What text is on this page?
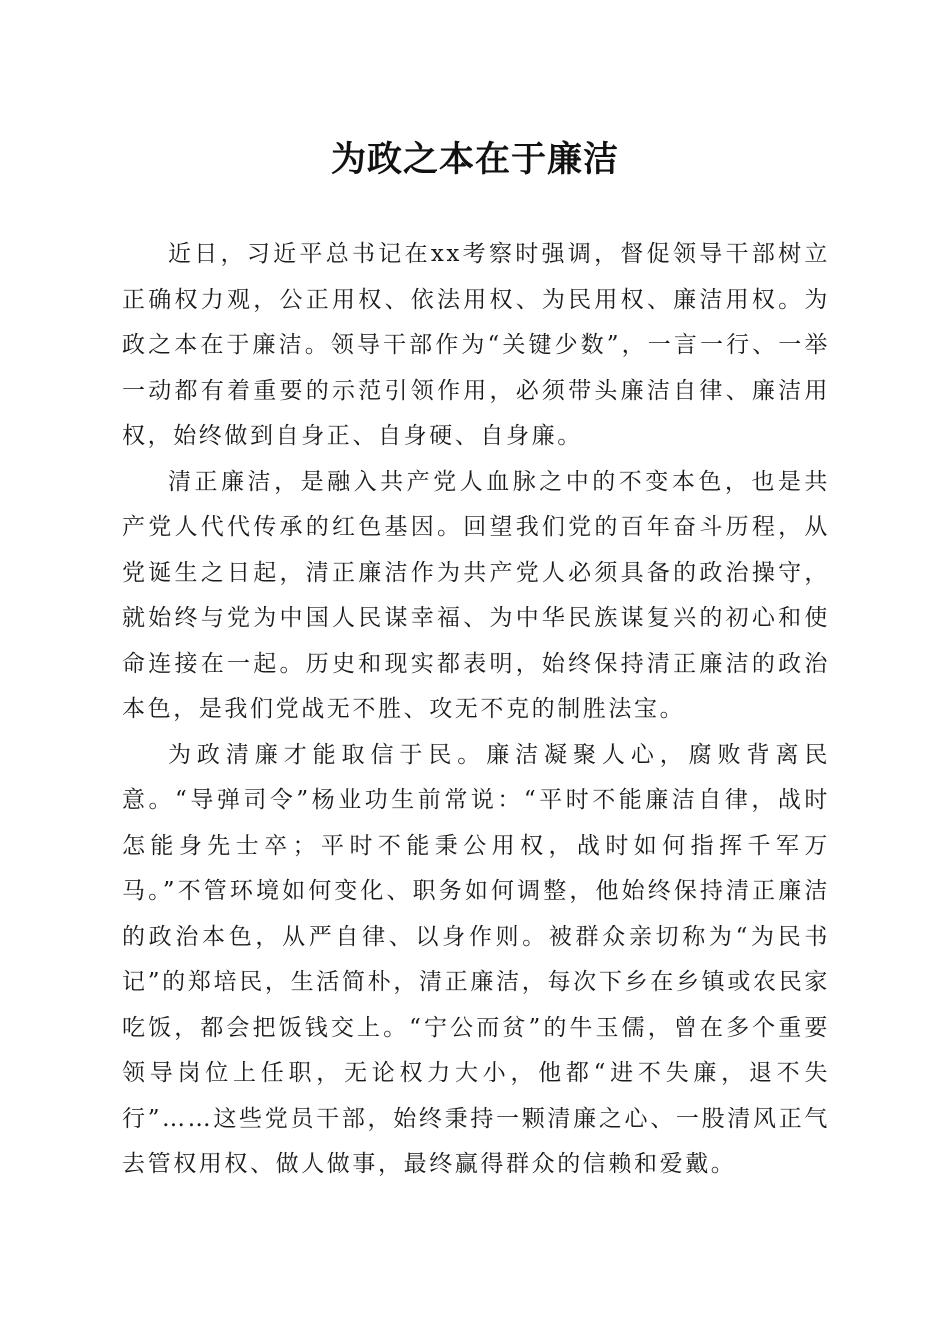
为政之本在于廉洁

近日，习近平总书记在xx考察时强调，督促领导干部树立正确权力观，公正用权、依法用权、为民用权、廉洁用权。为政之本在于廉洁。领导干部作为“关键少数”，一言一行、一举一动都有着重要的示范引领作用，必须带头廉洁自律、廉洁用权，始终做到自身正、自身硬、自身廉。

清正廉洁，是融入共产党人血脉之中的不变本色，也是共产党人代代传承的红色基因。回望我们党的百年奋斗历程，从党诞生之日起，清正廉洁作为共产党人必须具备的政治操守，就始终与党为中国人民谋幸福、为中华民族谋复兴的初心和使命连接在一起。历史和现实都表明，始终保持清正廉洁的政治本色，是我们党战无不胜、攻无不克的制胜法宝。

为政清廉才能取信于民。廉洁凝聚人心，腐败背离民意。“导弹司令”杨业功生前常说：“平时不能廉洁自律，战时怎能身先士卒；平时不能秉公用权，战时如何指挥千军万马。”不管环境如何变化、职务如何调整，他始终保持清正廉洁的政治本色，从严自律、以身作则。被群众亲切称为“为民书记”的郑培民，生活简朴，清正廉洁，每次下乡在乡镇或农民家吃饭，都会把饭钱交上。“宁公而贫”的牛玉儒，曾在多个重要领导岗位上任职，无论权力大小，他都“进不失廉，退不失行”……这些党员干部，始终秉持一颗清廉之心、一股清风正气去管权用权、做人做事，最终赢得群众的信赖和爱戴。
